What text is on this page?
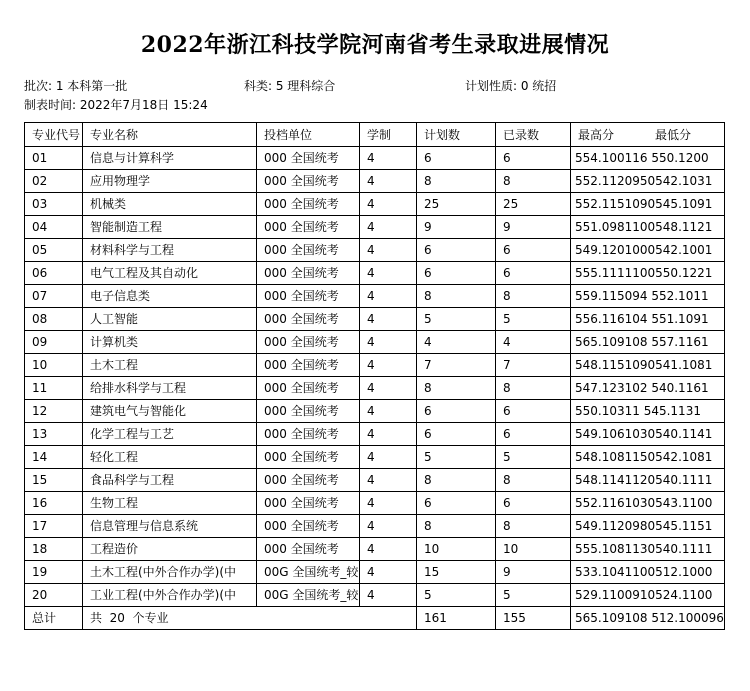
2022年浙江科技学院河南省考生录取进展情况
批次: 1 本科第一批	科类: 5 理科综合	计划性质: 0 统招
制表时间: 2022年7月18日 15:24
专业代号	专业名称	投档单位	学制	计划数	已录数	最高分 最低分
01	信息与计算科学	000 全国统考	4	6	6	554.100116 550.1200
02	应用物理学	000 全国统考	4	8	8	552.1120950542.1031
03	机械类	000 全国统考	4	25	25	552.1151090545.1091
04	智能制造工程	000 全国统考	4	9	9	551.0981100548.1121
05	材料科学与工程	000 全国统考	4	6	6	549.1201000542.1001
06	电气工程及其自动化	000 全国统考	4	6	6	555.1111100550.1221
07	电子信息类	000 全国统考	4	8	8	559.115094 552.1011
08	人工智能	000 全国统考	4	5	5	556.116104 551.1091
09	计算机类	000 全国统考	4	4	4	565.109108 557.1161
10	土木工程	000 全国统考	4	7	7	548.1151090541.1081
11	给排水科学与工程	000 全国统考	4	8	8	547.123102 540.1161
12	建筑电气与智能化	000 全国统考	4	6	6	550.10311 545.1131
13	化学工程与工艺	000 全国统考	4	6	6	549.1061030540.1141
14	轻化工程	000 全国统考	4	5	5	548.1081150542.1081
15	食品科学与工程	000 全国统考	4	8	8	548.1141120540.1111
16	生物工程	000 全国统考	4	6	6	552.1161030543.1100
17	信息管理与信息系统	000 全国统考	4	8	8	549.1120980545.1151
18	工程造价	000 全国统考	4	10	10	555.1081130540.1111
19	土木工程(中外合作办学)(中	00G 全国统考_较	4	15	9	533.1041100512.1000
20	工业工程(中外合作办学)(中	00G 全国统考_较	4	5	5	529.1100910524.1100
总计	共  20  个专业			161	155	565.109108 512.100096
